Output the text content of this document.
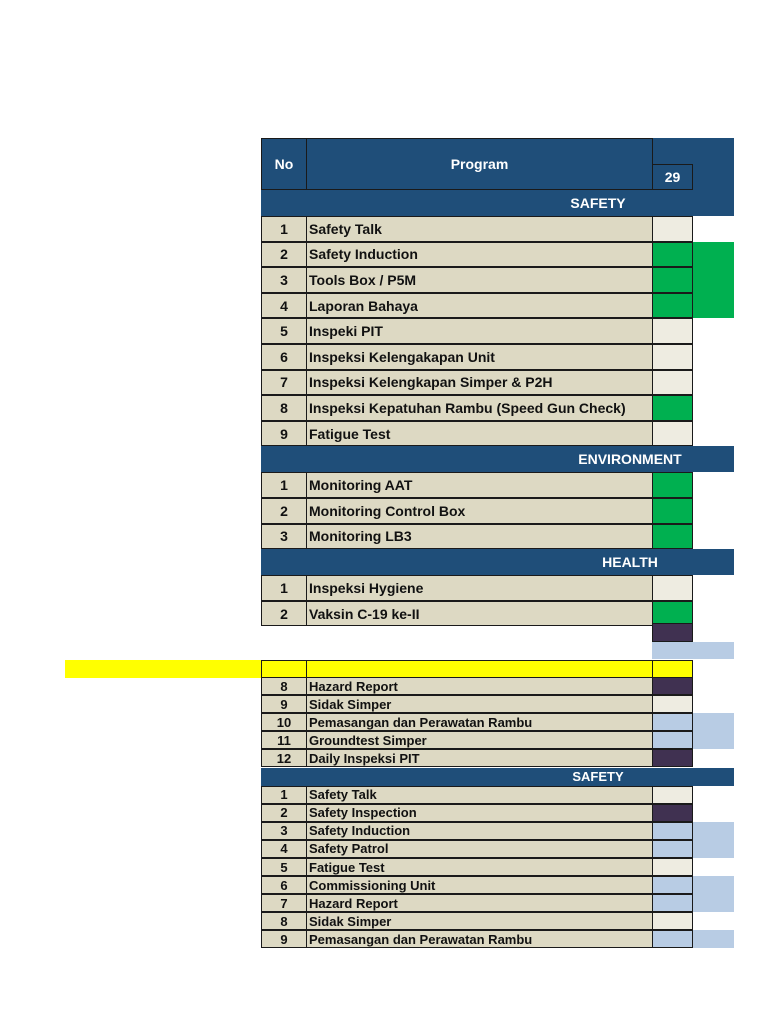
No	Program
29
SAFETY
1 Safety Talk
2 Safety Induction
3 Tools Box / P5M
4 Laporan Bahaya
5 Inspeki PIT
6 Inspeksi Kelengakapan Unit
7 Inspeksi Kelengkapan Simper & P2H
8 Inspeksi Kepatuhan Rambu (Speed Gun Check)
9 Fatigue Test
ENVIRONMENT
1 Monitoring AAT
2 Monitoring Control Box
3 Monitoring LB3
HEALTH
1 Inspeksi Hygiene
2 Vaksin C-19 ke-II
8 Hazard Report
9 Sidak Simper
10 Pemasangan dan Perawatan Rambu
11 Groundtest Simper
12 Daily Inspeksi PIT
SAFETY
1 Safety Talk
2 Safety Inspection
3 Safety Induction
4 Safety Patrol
5 Fatigue Test
6 Commissioning Unit
7 Hazard Report
8 Sidak Simper
9 Pemasangan dan Perawatan Rambu
